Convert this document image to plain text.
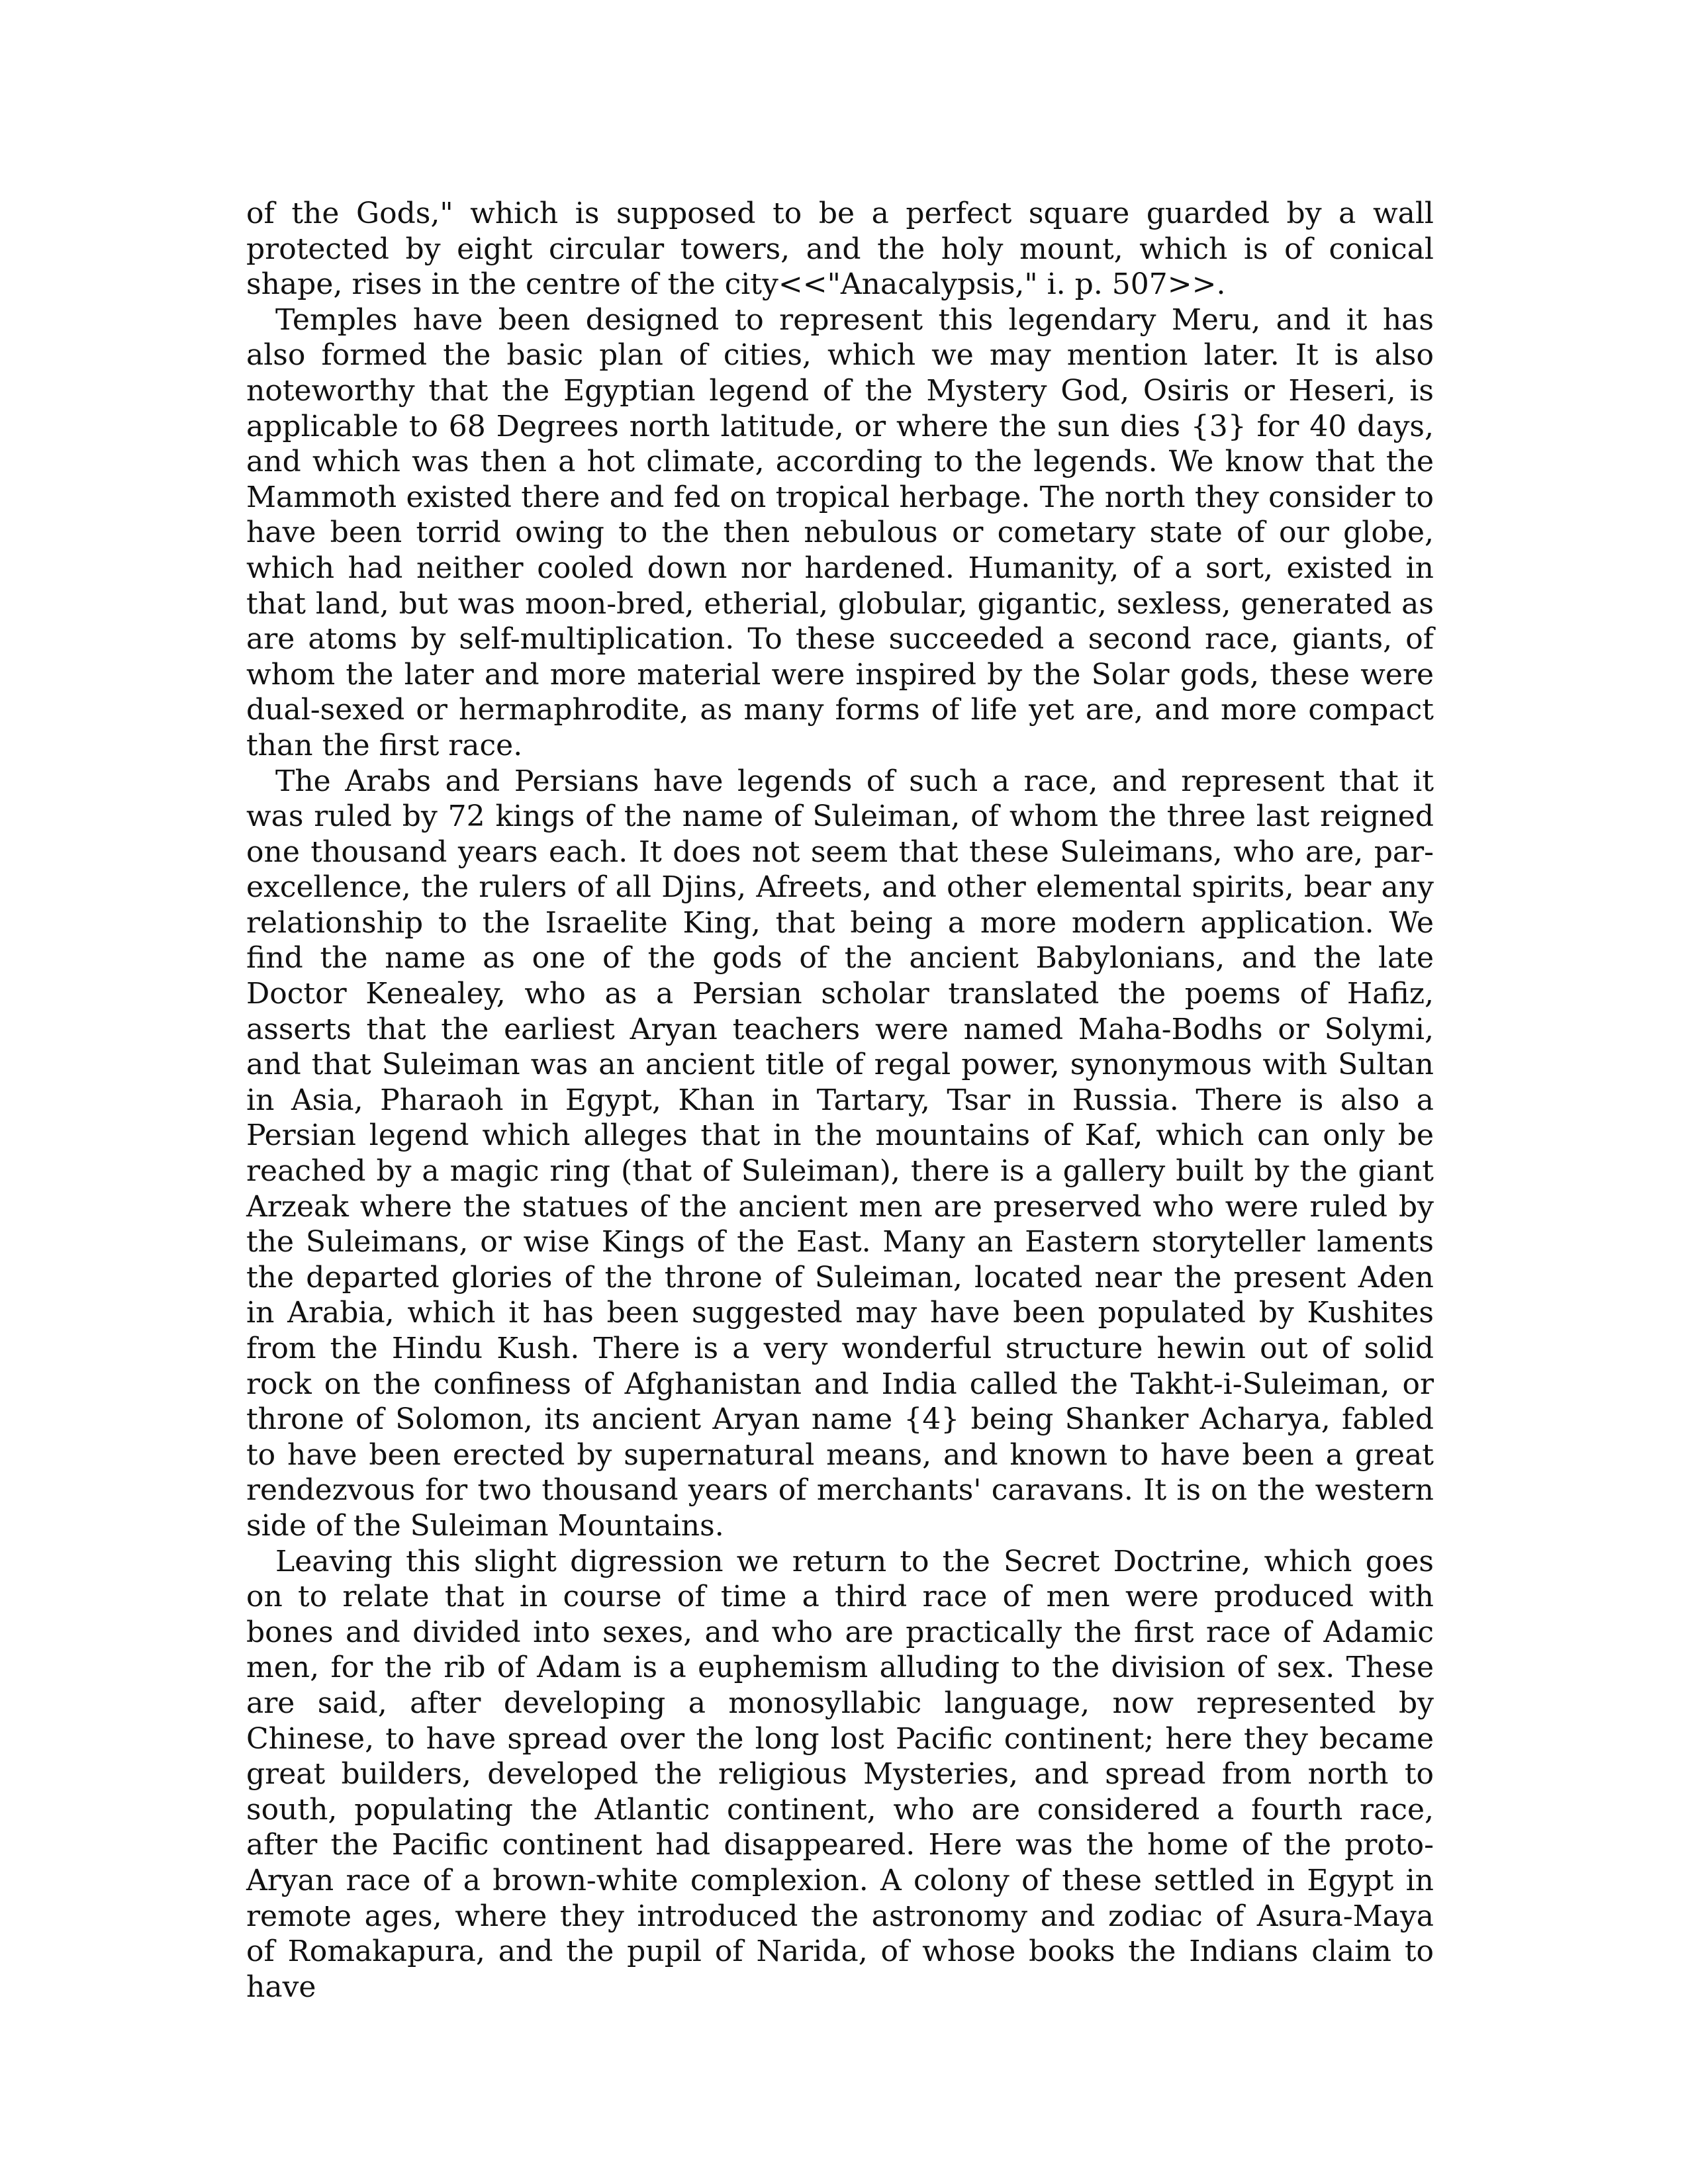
of the Gods," which is supposed to be a perfect square guarded by a wall protected by eight circular towers, and the holy mount, which is of conical shape, rises in the centre of the city<<"Anacalypsis," i. p. 507>>.

Temples have been designed to represent this legendary Meru, and it has also formed the basic plan of cities, which we may mention later. It is also noteworthy that the Egyptian legend of the Mystery God, Osiris or Heseri, is applicable to 68 Degrees north latitude, or where the sun dies {3} for 40 days, and which was then a hot climate, according to the legends. We know that the Mammoth existed there and fed on tropical herbage. The north they consider to have been torrid owing to the then nebulous or cometary state of our globe, which had neither cooled down nor hardened. Humanity, of a sort, existed in that land, but was moon-bred, etherial, globular, gigantic, sexless, generated as are atoms by self-multiplication. To these succeeded a second race, giants, of whom the later and more material were inspired by the Solar gods, these were dual-sexed or hermaphrodite, as many forms of life yet are, and more compact than the first race.

The Arabs and Persians have legends of such a race, and represent that it was ruled by 72 kings of the name of Suleiman, of whom the three last reigned one thousand years each. It does not seem that these Suleimans, who are, par-excellence, the rulers of all Djins, Afreets, and other elemental spirits, bear any relationship to the Israelite King, that being a more modern application. We find the name as one of the gods of the ancient Babylonians, and the late Doctor Kenealey, who as a Persian scholar translated the poems of Hafiz, asserts that the earliest Aryan teachers were named Maha-Bodhs or Solymi, and that Suleiman was an ancient title of regal power, synonymous with Sultan in Asia, Pharaoh in Egypt, Khan in Tartary, Tsar in Russia. There is also a Persian legend which alleges that in the mountains of Kaf, which can only be reached by a magic ring (that of Suleiman), there is a gallery built by the giant Arzeak where the statues of the ancient men are preserved who were ruled by the Suleimans, or wise Kings of the East. Many an Eastern storyteller laments the departed glories of the throne of Suleiman, located near the present Aden in Arabia, which it has been suggested may have been populated by Kushites from the Hindu Kush. There is a very wonderful structure hewin out of solid rock on the confiness of Afghanistan and India called the Takht-i-Suleiman, or throne of Solomon, its ancient Aryan name {4} being Shanker Acharya, fabled to have been erected by supernatural means, and known to have been a great rendezvous for two thousand years of merchants' caravans. It is on the western side of the Suleiman Mountains.

Leaving this slight digression we return to the Secret Doctrine, which goes on to relate that in course of time a third race of men were produced with bones and divided into sexes, and who are practically the first race of Adamic men, for the rib of Adam is a euphemism alluding to the division of sex. These are said, after developing a monosyllabic language, now represented by Chinese, to have spread over the long lost Pacific continent; here they became great builders, developed the religious Mysteries, and spread from north to south, populating the Atlantic continent, who are considered a fourth race, after the Pacific continent had disappeared. Here was the home of the proto-Aryan race of a brown-white complexion. A colony of these settled in Egypt in remote ages, where they introduced the astronomy and zodiac of Asura-Maya of Romakapura, and the pupil of Narida, of whose books the Indians claim to have
